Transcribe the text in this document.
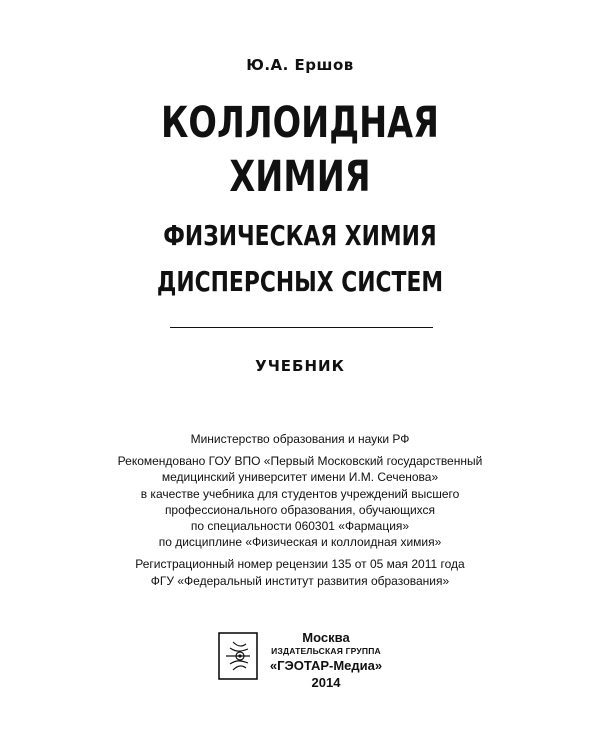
Ю.А. Ершов
КОЛЛОИДНАЯ
ХИМИЯ
ФИЗИЧЕСКАЯ ХИМИЯ
ДИСПЕРСНЫХ СИСТЕМ
УЧЕБНИК
Министерство образования и науки РФ
Рекомендовано ГОУ ВПО «Первый Московский государственный
медицинский университет имени И.М. Сеченова»
в качестве учебника для студентов учреждений высшего
профессионального образования, обучающихся
по специальности 060301 «Фармация»
по дисциплине «Физическая и коллоидная химия»
Регистрационный номер рецензии 135 от 05 мая 2011 года
ФГУ «Федеральный институт развития образования»
Москва
ИЗДАТЕЛЬСКАЯ ГРУППА
«ГЭОТАР-Медиа»
2014
